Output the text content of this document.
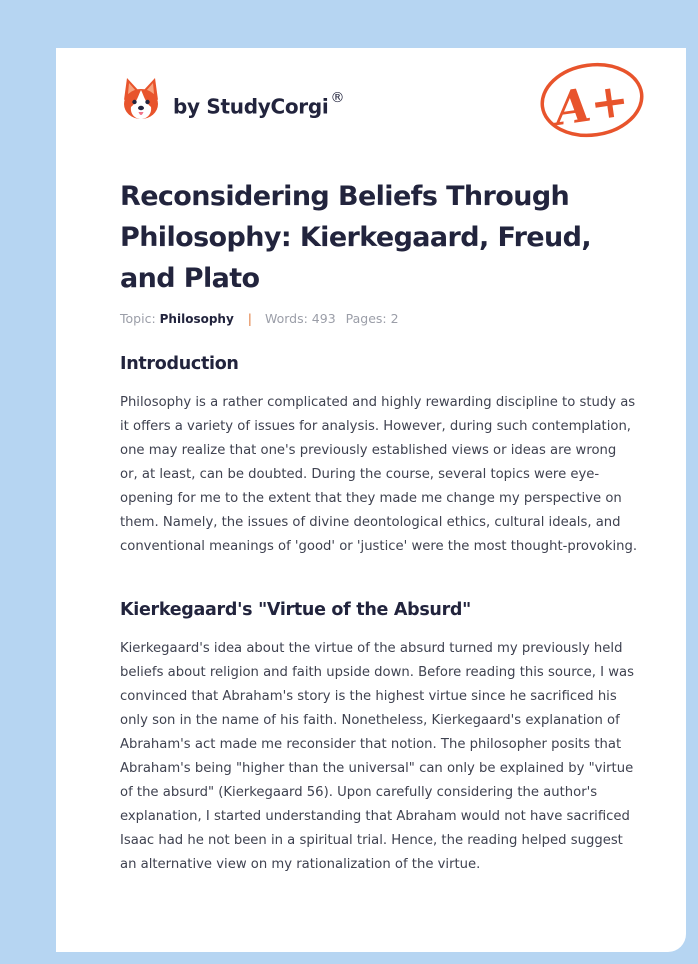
by StudyCorgi ®	A+
Reconsidering Beliefs Through Philosophy: Kierkegaard, Freud, and Plato
Topic: Philosophy | Words: 493 Pages: 2
Introduction

Philosophy is a rather complicated and highly rewarding discipline to study as it offers a variety of issues for analysis. However, during such contemplation, one may realize that one's previously established views or ideas are wrong or, at least, can be doubted. During the course, several topics were eye-opening for me to the extent that they made me change my perspective on them. Namely, the issues of divine deontological ethics, cultural ideals, and conventional meanings of 'good' or 'justice' were the most thought-provoking.

Kierkegaard's "Virtue of the Absurd"

Kierkegaard's idea about the virtue of the absurd turned my previously held beliefs about religion and faith upside down. Before reading this source, I was convinced that Abraham's story is the highest virtue since he sacrificed his only son in the name of his faith. Nonetheless, Kierkegaard's explanation of Abraham's act made me reconsider that notion. The philosopher posits that Abraham's being "higher than the universal" can only be explained by "virtue of the absurd" (Kierkegaard 56). Upon carefully considering the author's explanation, I started understanding that Abraham would not have sacrificed Isaac had he not been in a spiritual trial. Hence, the reading helped suggest an alternative view on my rationalization of the virtue.
